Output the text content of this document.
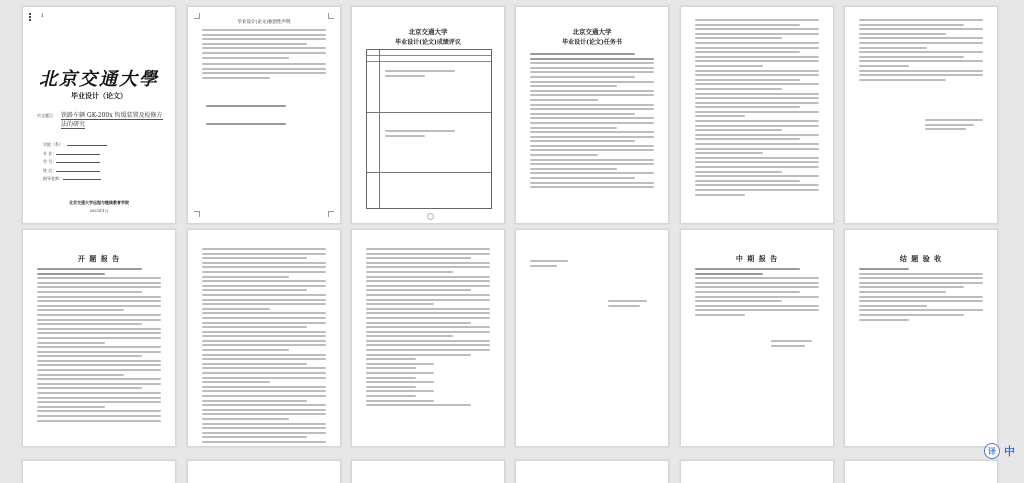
1
北京交通大學
毕业设计（论文）
中文题目 铁路车辆 GK-200x 钩缓装置及检修方
法的研究
学院（系）：
专 业：
学 号：
姓 名：
指导老师：
北京交通大学远程与继续教育学院
2023年1月
毕业设计(论文)独创性声明
北京交通大学
毕业设计(论文)成绩评议
北京交通大学
毕业设计(论文)任务书
开 题 报 告	中 期 报 告	结 题 验 收
译 中
